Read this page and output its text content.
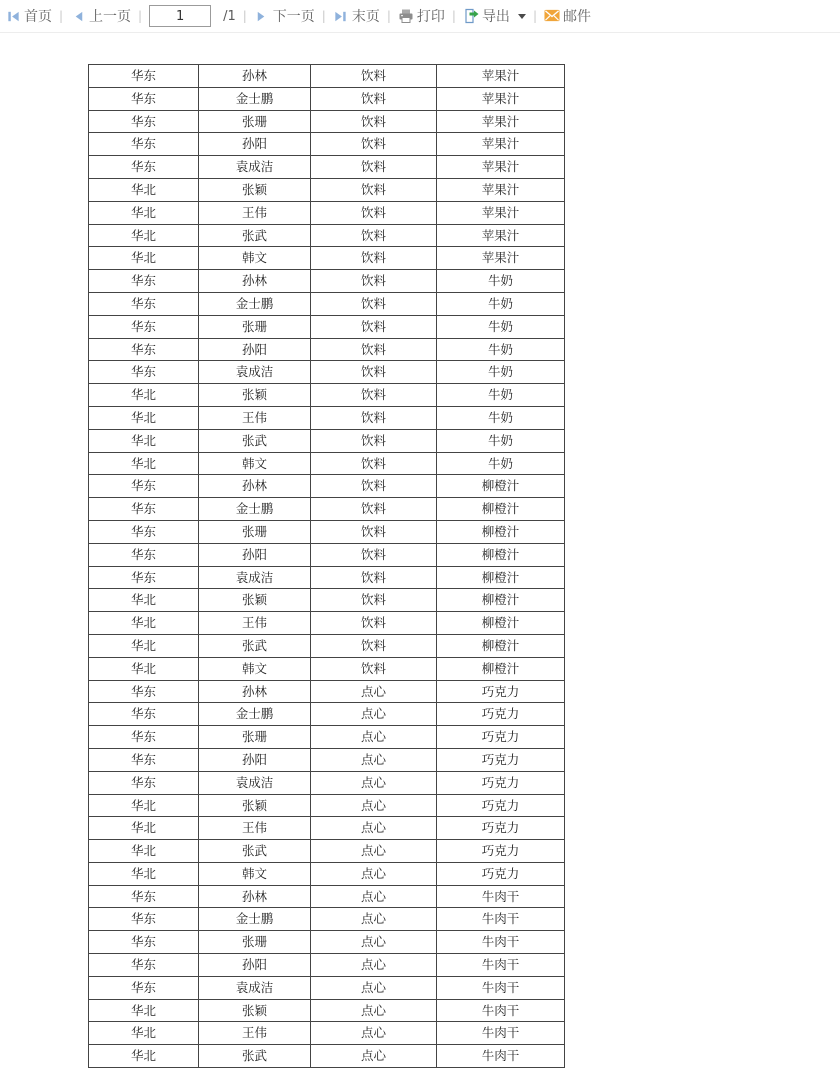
首页 | 上一页 |
1	/1 | 下一页 | 末页 | 打印 | 导出 | 邮件
华东	孙林	饮料	苹果汁
华东	金士鹏	饮料	苹果汁
华东	张珊	饮料	苹果汁
华东	孙阳	饮料	苹果汁
华东	袁成洁	饮料	苹果汁
华北	张颖	饮料	苹果汁
华北	王伟	饮料	苹果汁
华北	张武	饮料	苹果汁
华北	韩文	饮料	苹果汁
华东	孙林	饮料	牛奶
华东	金士鹏	饮料	牛奶
华东	张珊	饮料	牛奶
华东	孙阳	饮料	牛奶
华东	袁成洁	饮料	牛奶
华北	张颖	饮料	牛奶
华北	王伟	饮料	牛奶
华北	张武	饮料	牛奶
华北	韩文	饮料	牛奶
华东	孙林	饮料	柳橙汁
华东	金士鹏	饮料	柳橙汁
华东	张珊	饮料	柳橙汁
华东	孙阳	饮料	柳橙汁
华东	袁成洁	饮料	柳橙汁
华北	张颖	饮料	柳橙汁
华北	王伟	饮料	柳橙汁
华北	张武	饮料	柳橙汁
华北	韩文	饮料	柳橙汁
华东	孙林	点心	巧克力
华东	金士鹏	点心	巧克力
华东	张珊	点心	巧克力
华东	孙阳	点心	巧克力
华东	袁成洁	点心	巧克力
华北	张颖	点心	巧克力
华北	王伟	点心	巧克力
华北	张武	点心	巧克力
华北	韩文	点心	巧克力
华东	孙林	点心	牛肉干
华东	金士鹏	点心	牛肉干
华东	张珊	点心	牛肉干
华东	孙阳	点心	牛肉干
华东	袁成洁	点心	牛肉干
华北	张颖	点心	牛肉干
华北	王伟	点心	牛肉干
华北	张武	点心	牛肉干
